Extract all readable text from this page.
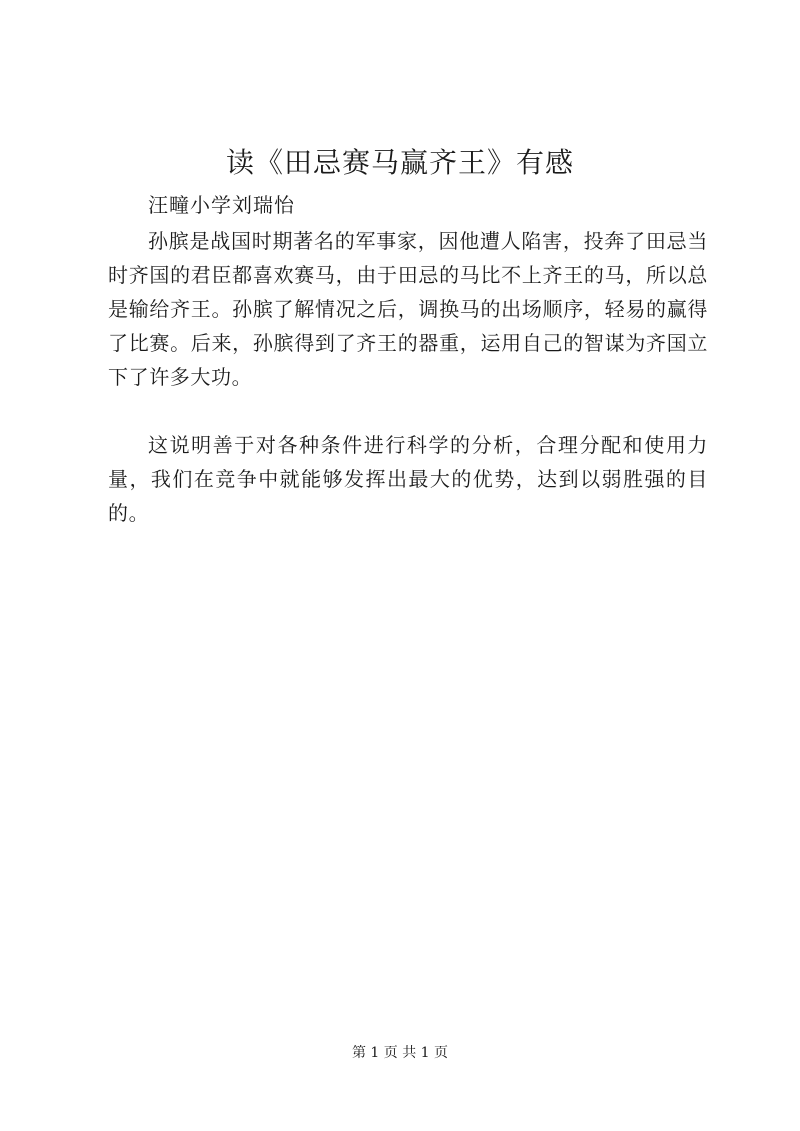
读《田忌赛马赢齐王》有感
汪疃小学刘瑞怡

孙膑是战国时期著名的军事家，因他遭人陷害，投奔了田忌当时齐国的君臣都喜欢赛马，由于田忌的马比不上齐王的马，所以总是输给齐王。孙膑了解情况之后，调换马的出场顺序，轻易的赢得了比赛。后来，孙膑得到了齐王的器重，运用自己的智谋为齐国立下了许多大功。

这说明善于对各种条件进行科学的分析，合理分配和使用力量，我们在竞争中就能够发挥出最大的优势，达到以弱胜强的目的。

第 1 页 共 1 页
